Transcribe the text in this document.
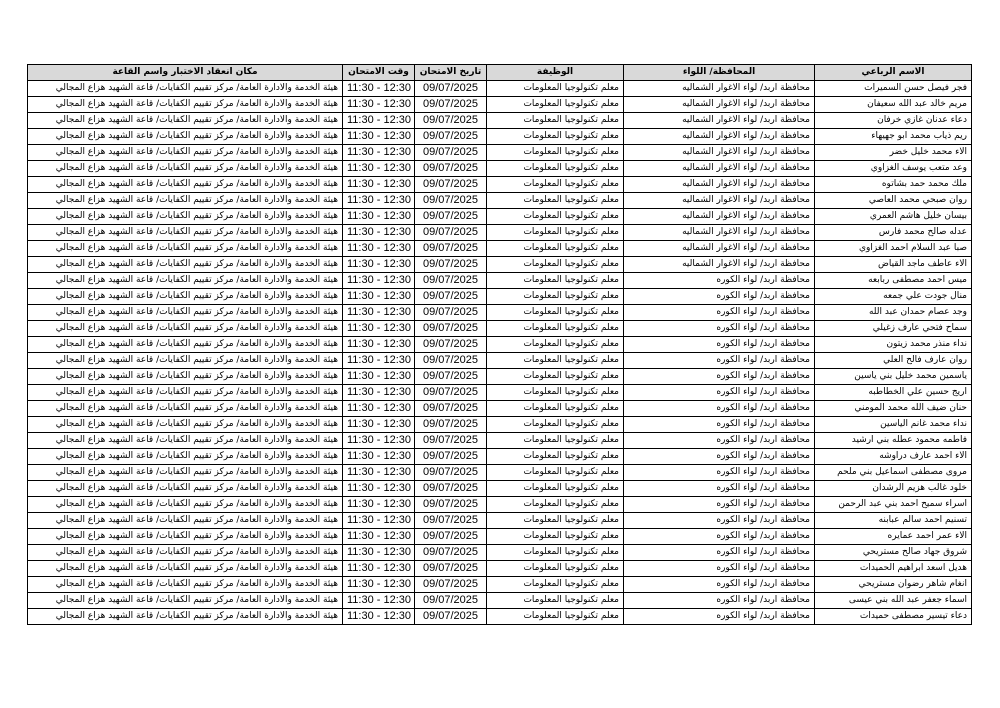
مكان انعقاد الاختبار واسم القاعة	وقت الامتحان	تاريخ الامتحان	الوظيفة	المحافظة/ اللواء	الاسم الرباعي
هيئة الخدمة والادارة العامة/ مركز تقييم الكفايات/ قاعة الشهيد هزاع المجالي	11:30 - 12:30	09/07/2025	معلم تكنولوجيا المعلومات	محافظة اربد/ لواء الاغوار الشماليه	فجر فيصل حسن السميرات
هيئة الخدمة والادارة العامة/ مركز تقييم الكفايات/ قاعة الشهيد هزاع المجالي	11:30 - 12:30	09/07/2025	معلم تكنولوجيا المعلومات	محافظة اربد/ لواء الاغوار الشماليه	مريم خالد عبد الله سعيفان
هيئة الخدمة والادارة العامة/ مركز تقييم الكفايات/ قاعة الشهيد هزاع المجالي	11:30 - 12:30	09/07/2025	معلم تكنولوجيا المعلومات	محافظة اربد/ لواء الاغوار الشماليه	دعاء عدنان غازي خرفان
هيئة الخدمة والادارة العامة/ مركز تقييم الكفايات/ قاعة الشهيد هزاع المجالي	11:30 - 12:30	09/07/2025	معلم تكنولوجيا المعلومات	محافظة اربد/ لواء الاغوار الشماليه	ريم ذياب محمد ابو جهيهاء
هيئة الخدمة والادارة العامة/ مركز تقييم الكفايات/ قاعة الشهيد هزاع المجالي	11:30 - 12:30	09/07/2025	معلم تكنولوجيا المعلومات	محافظة اربد/ لواء الاغوار الشماليه	الاء محمد خليل خضر
هيئة الخدمة والادارة العامة/ مركز تقييم الكفايات/ قاعة الشهيد هزاع المجالي	11:30 - 12:30	09/07/2025	معلم تكنولوجيا المعلومات	محافظة اربد/ لواء الاغوار الشماليه	وعد متعب يوسف الغزاوي
هيئة الخدمة والادارة العامة/ مركز تقييم الكفايات/ قاعة الشهيد هزاع المجالي	11:30 - 12:30	09/07/2025	معلم تكنولوجيا المعلومات	محافظة اربد/ لواء الاغوار الشماليه	ملك محمد حمد بشاتوه
هيئة الخدمة والادارة العامة/ مركز تقييم الكفايات/ قاعة الشهيد هزاع المجالي	11:30 - 12:30	09/07/2025	معلم تكنولوجيا المعلومات	محافظة اربد/ لواء الاغوار الشماليه	روان صبحي محمد العاصي
هيئة الخدمة والادارة العامة/ مركز تقييم الكفايات/ قاعة الشهيد هزاع المجالي	11:30 - 12:30	09/07/2025	معلم تكنولوجيا المعلومات	محافظة اربد/ لواء الاغوار الشماليه	بيسان خليل هاشم العمري
هيئة الخدمة والادارة العامة/ مركز تقييم الكفايات/ قاعة الشهيد هزاع المجالي	11:30 - 12:30	09/07/2025	معلم تكنولوجيا المعلومات	محافظة اربد/ لواء الاغوار الشماليه	عدله صالح محمد فارس
هيئة الخدمة والادارة العامة/ مركز تقييم الكفايات/ قاعة الشهيد هزاع المجالي	11:30 - 12:30	09/07/2025	معلم تكنولوجيا المعلومات	محافظة اربد/ لواء الاغوار الشماليه	صبا عبد السلام احمد الغزاوي
هيئة الخدمة والادارة العامة/ مركز تقييم الكفايات/ قاعة الشهيد هزاع المجالي	11:30 - 12:30	09/07/2025	معلم تكنولوجيا المعلومات	محافظة اربد/ لواء الاغوار الشماليه	الاء عاطف ماجد القياض
هيئة الخدمة والادارة العامة/ مركز تقييم الكفايات/ قاعة الشهيد هزاع المجالي	11:30 - 12:30	09/07/2025	معلم تكنولوجيا المعلومات	محافظة اربد/ لواء الكوره	ميس احمد مصطفى ربابعه
هيئة الخدمة والادارة العامة/ مركز تقييم الكفايات/ قاعة الشهيد هزاع المجالي	11:30 - 12:30	09/07/2025	معلم تكنولوجيا المعلومات	محافظة اربد/ لواء الكوره	منال جودت علي جمعه
هيئة الخدمة والادارة العامة/ مركز تقييم الكفايات/ قاعة الشهيد هزاع المجالي	11:30 - 12:30	09/07/2025	معلم تكنولوجيا المعلومات	محافظة اربد/ لواء الكوره	وجد عصام حمدان عبد الله
هيئة الخدمة والادارة العامة/ مركز تقييم الكفايات/ قاعة الشهيد هزاع المجالي	11:30 - 12:30	09/07/2025	معلم تكنولوجيا المعلومات	محافظة اربد/ لواء الكوره	سماح فتحي عارف زغيلي
هيئة الخدمة والادارة العامة/ مركز تقييم الكفايات/ قاعة الشهيد هزاع المجالي	11:30 - 12:30	09/07/2025	معلم تكنولوجيا المعلومات	محافظة اربد/ لواء الكوره	نداء منذر محمد زيتون
هيئة الخدمة والادارة العامة/ مركز تقييم الكفايات/ قاعة الشهيد هزاع المجالي	11:30 - 12:30	09/07/2025	معلم تكنولوجيا المعلومات	محافظة اربد/ لواء الكوره	روان عارف فالح العلي
هيئة الخدمة والادارة العامة/ مركز تقييم الكفايات/ قاعة الشهيد هزاع المجالي	11:30 - 12:30	09/07/2025	معلم تكنولوجيا المعلومات	محافظة اربد/ لواء الكوره	ياسمين محمد خليل بني ياسين
هيئة الخدمة والادارة العامة/ مركز تقييم الكفايات/ قاعة الشهيد هزاع المجالي	11:30 - 12:30	09/07/2025	معلم تكنولوجيا المعلومات	محافظة اربد/ لواء الكوره	اريج حسين علي الخطاطبه
هيئة الخدمة والادارة العامة/ مركز تقييم الكفايات/ قاعة الشهيد هزاع المجالي	11:30 - 12:30	09/07/2025	معلم تكنولوجيا المعلومات	محافظة اربد/ لواء الكوره	حنان ضيف الله محمد المومني
هيئة الخدمة والادارة العامة/ مركز تقييم الكفايات/ قاعة الشهيد هزاع المجالي	11:30 - 12:30	09/07/2025	معلم تكنولوجيا المعلومات	محافظة اربد/ لواء الكوره	نداء محمد غانم الياسين
هيئة الخدمة والادارة العامة/ مركز تقييم الكفايات/ قاعة الشهيد هزاع المجالي	11:30 - 12:30	09/07/2025	معلم تكنولوجيا المعلومات	محافظة اربد/ لواء الكوره	فاطمه محمود عطله بني ارشيد
هيئة الخدمة والادارة العامة/ مركز تقييم الكفايات/ قاعة الشهيد هزاع المجالي	11:30 - 12:30	09/07/2025	معلم تكنولوجيا المعلومات	محافظة اربد/ لواء الكوره	الاء احمد عارف دراوشه
هيئة الخدمة والادارة العامة/ مركز تقييم الكفايات/ قاعة الشهيد هزاع المجالي	11:30 - 12:30	09/07/2025	معلم تكنولوجيا المعلومات	محافظة اربد/ لواء الكوره	مروى مصطفى اسماعيل بني ملحم
هيئة الخدمة والادارة العامة/ مركز تقييم الكفايات/ قاعة الشهيد هزاع المجالي	11:30 - 12:30	09/07/2025	معلم تكنولوجيا المعلومات	محافظة اربد/ لواء الكوره	خلود غالب هزيم الرشدان
هيئة الخدمة والادارة العامة/ مركز تقييم الكفايات/ قاعة الشهيد هزاع المجالي	11:30 - 12:30	09/07/2025	معلم تكنولوجيا المعلومات	محافظة اربد/ لواء الكوره	اسراء سميح احمد بني عبد الرحمن
هيئة الخدمة والادارة العامة/ مركز تقييم الكفايات/ قاعة الشهيد هزاع المجالي	11:30 - 12:30	09/07/2025	معلم تكنولوجيا المعلومات	محافظة اربد/ لواء الكوره	تسنيم احمد سالم عبابنه
هيئة الخدمة والادارة العامة/ مركز تقييم الكفايات/ قاعة الشهيد هزاع المجالي	11:30 - 12:30	09/07/2025	معلم تكنولوجيا المعلومات	محافظة اربد/ لواء الكوره	الاء عمر احمد عمايره
هيئة الخدمة والادارة العامة/ مركز تقييم الكفايات/ قاعة الشهيد هزاع المجالي	11:30 - 12:30	09/07/2025	معلم تكنولوجيا المعلومات	محافظة اربد/ لواء الكوره	شروق جهاد صالح مستريحي
هيئة الخدمة والادارة العامة/ مركز تقييم الكفايات/ قاعة الشهيد هزاع المجالي	11:30 - 12:30	09/07/2025	معلم تكنولوجيا المعلومات	محافظة اربد/ لواء الكوره	هديل اسعد ابراهيم الحميدات
هيئة الخدمة والادارة العامة/ مركز تقييم الكفايات/ قاعة الشهيد هزاع المجالي	11:30 - 12:30	09/07/2025	معلم تكنولوجيا المعلومات	محافظة اربد/ لواء الكوره	انغام شاهر رضوان مستريحي
هيئة الخدمة والادارة العامة/ مركز تقييم الكفايات/ قاعة الشهيد هزاع المجالي	11:30 - 12:30	09/07/2025	معلم تكنولوجيا المعلومات	محافظة اربد/ لواء الكوره	اسماء جعفر عبد الله بني عيسى
هيئة الخدمة والادارة العامة/ مركز تقييم الكفايات/ قاعة الشهيد هزاع المجالي	11:30 - 12:30	09/07/2025	معلم تكنولوجيا المعلومات	محافظة اربد/ لواء الكوره	دعاء تيسير مصطفى حميدات
